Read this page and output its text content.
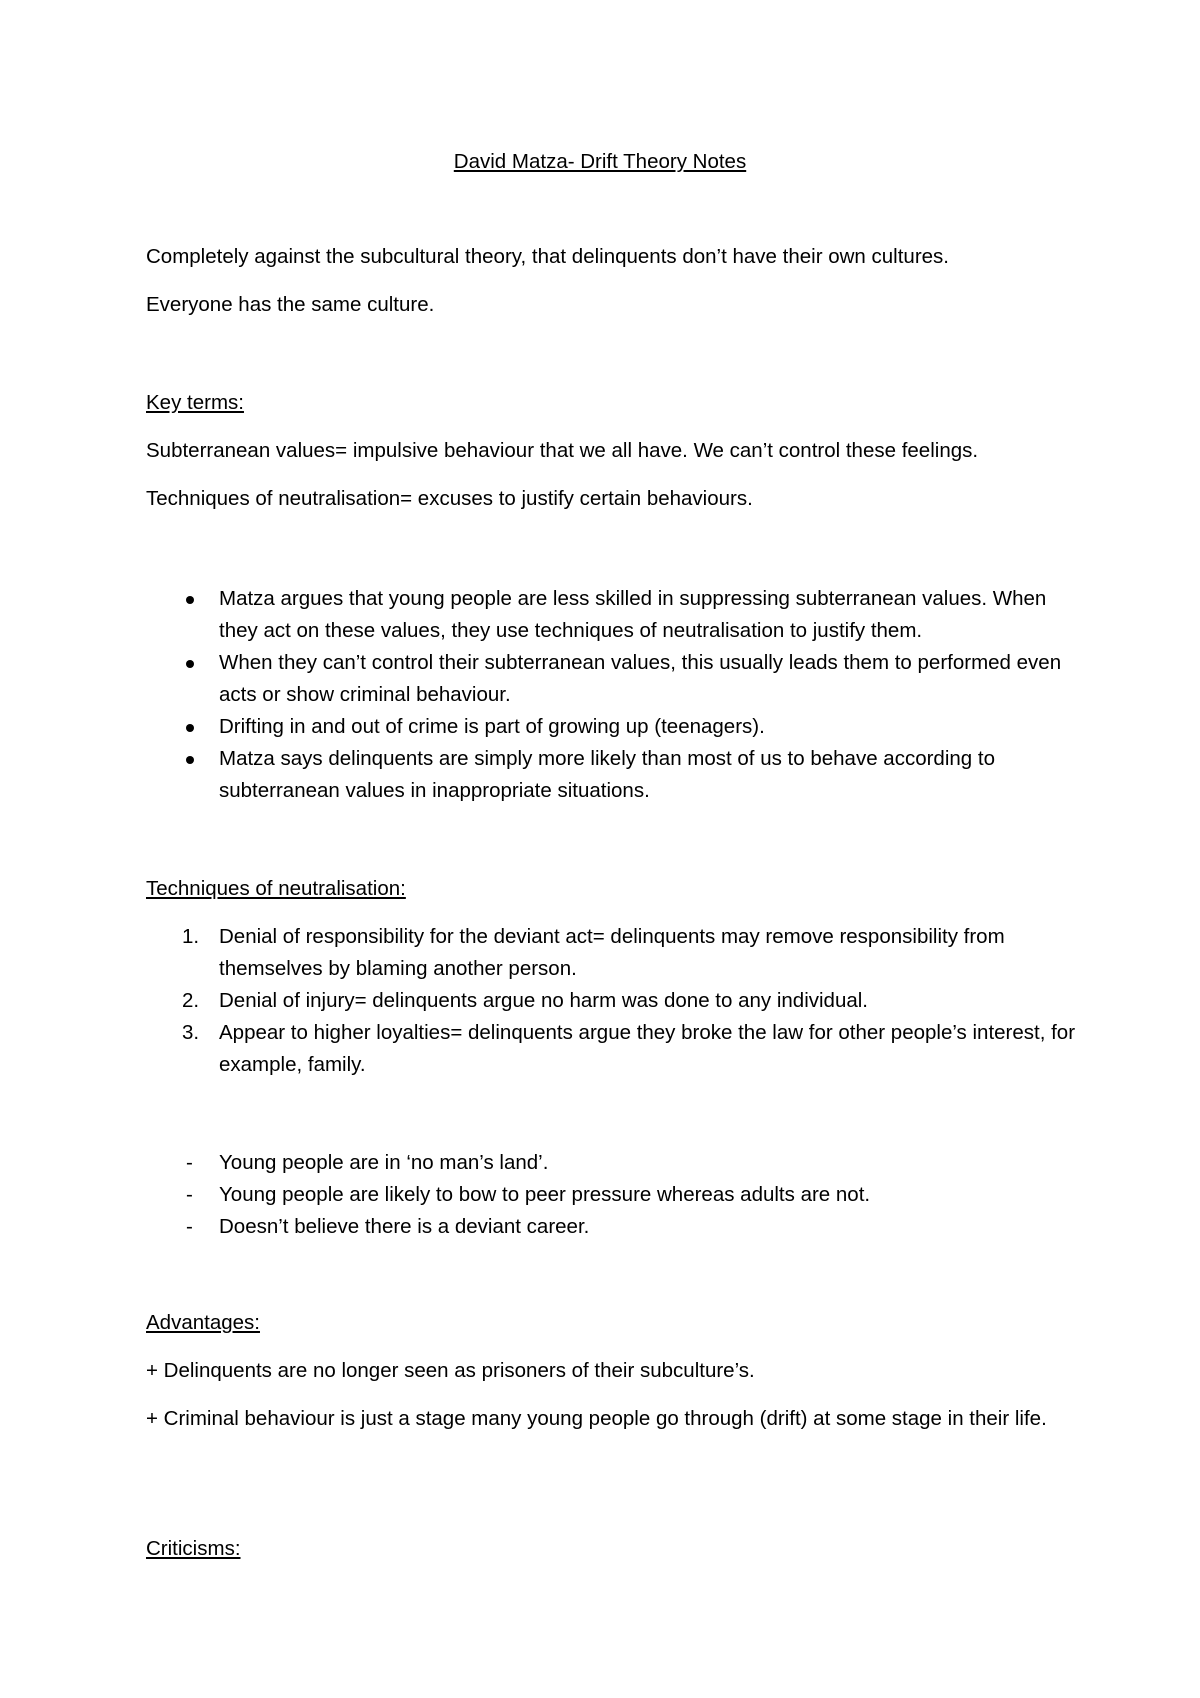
David Matza- Drift Theory Notes

Completely against the subcultural theory, that delinquents don’t have their own cultures.

Everyone has the same culture.

Key terms:

Subterranean values= impulsive behaviour that we all have. We can’t control these feelings.

Techniques of neutralisation= excuses to justify certain behaviours.

Matza argues that young people are less skilled in suppressing subterranean values. When they act on these values, they use techniques of neutralisation to justify them.
When they can’t control their subterranean values, this usually leads them to performed even acts or show criminal behaviour.
Drifting in and out of crime is part of growing up (teenagers).
Matza says delinquents are simply more likely than most of us to behave according to subterranean values in inappropriate situations.

Techniques of neutralisation:

1. Denial of responsibility for the deviant act= delinquents may remove responsibility from themselves by blaming another person.
2. Denial of injury= delinquents argue no harm was done to any individual.
3. Appear to higher loyalties= delinquents argue they broke the law for other people’s interest, for example, family.
- Young people are in ‘no man’s land’.
- Young people are likely to bow to peer pressure whereas adults are not.
- Doesn’t believe there is a deviant career.

Advantages:

+ Delinquents are no longer seen as prisoners of their subculture’s.

+ Criminal behaviour is just a stage many young people go through (drift) at some stage in their life.

Criticisms:
